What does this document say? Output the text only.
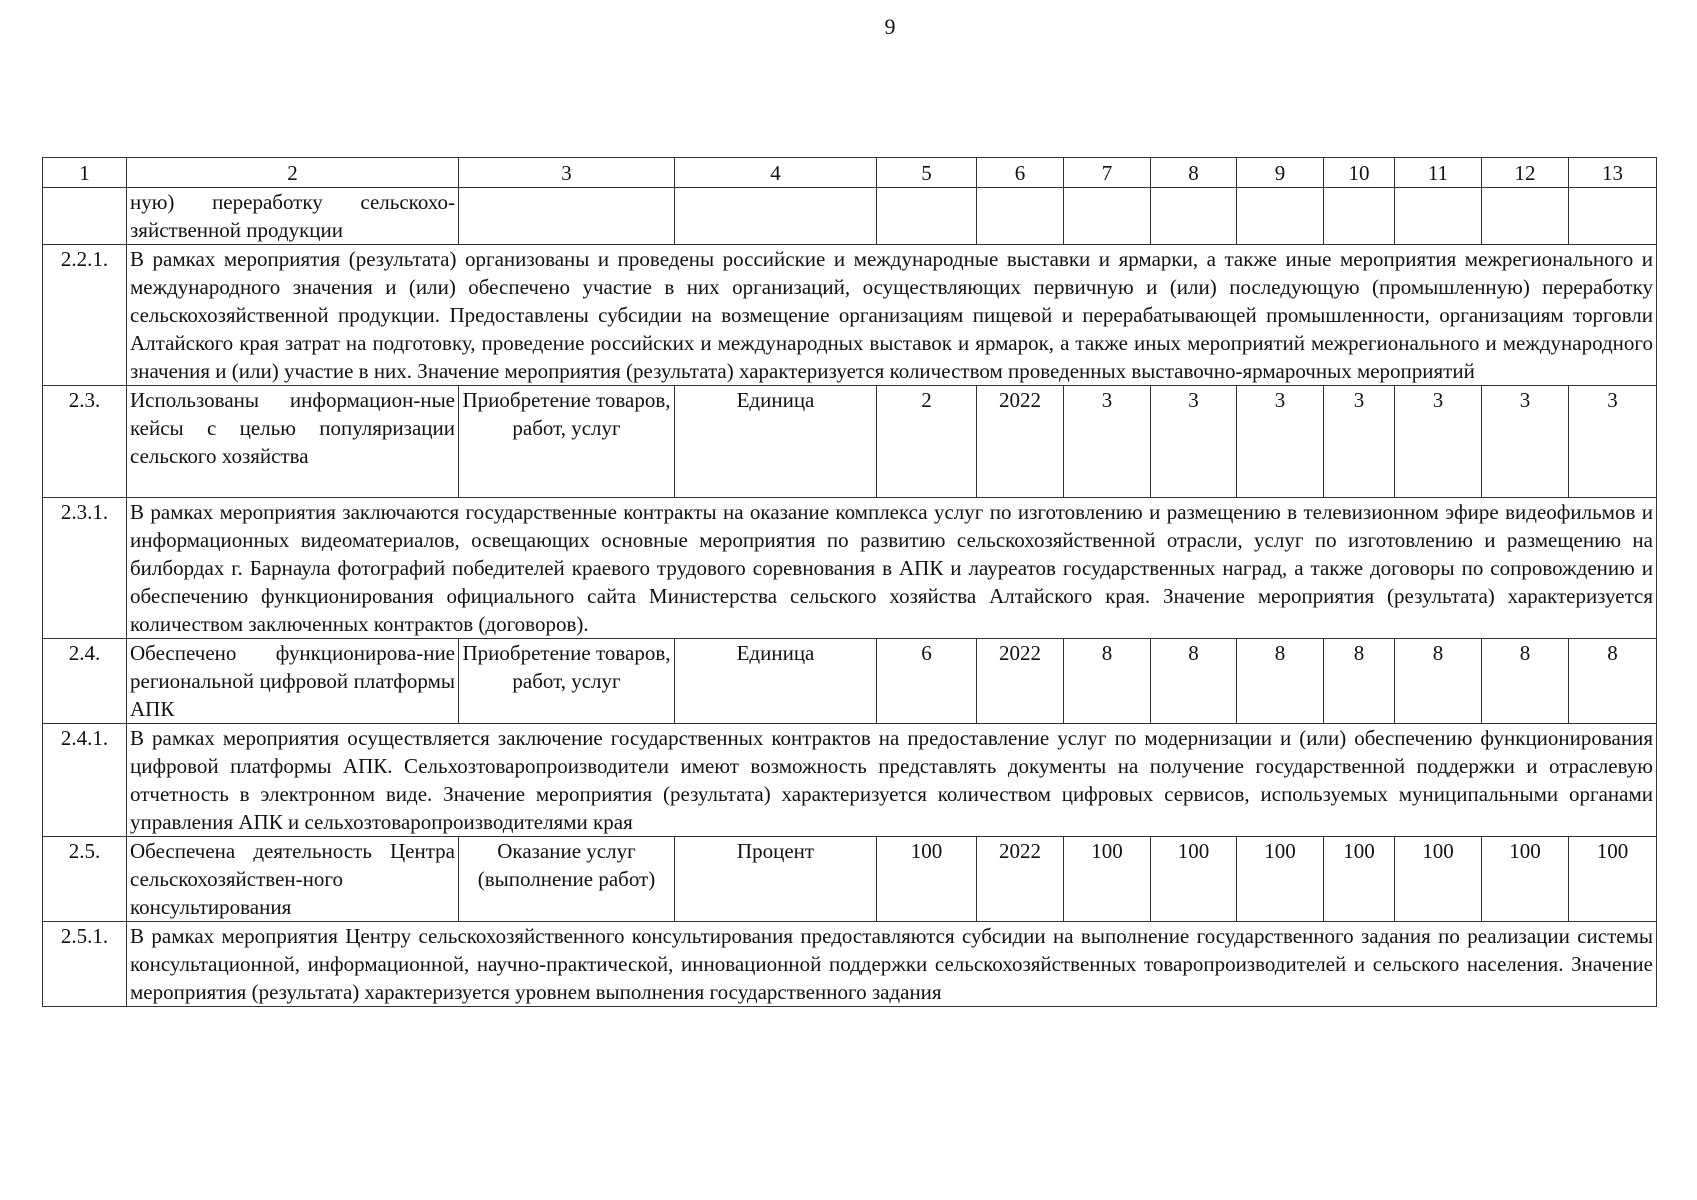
9
1	2	3	4	5	6	7	8	9	10	11	12	13
	ную) переработку сельскохо-зяйственной продукции											
2.2.1.	В рамках мероприятия (результата) организованы и проведены российские и международные выставки и ярмарки, а также иные мероприятия межрегионального и международного значения и (или) обеспечено участие в них организаций, осуществляющих первичную и (или) последующую (промышленную) переработку сельскохозяйственной продукции. Предоставлены субсидии на возмещение организациям пищевой и перерабатывающей промышленности, организациям торговли Алтайского края затрат на подготовку, проведение российских и международных выставок и ярмарок, а также иных мероприятий межрегионального и международного значения и (или) участие в них. Значение мероприятия (результата) характеризуется количеством проведенных выставочно-ярмарочных мероприятий											
2.3.	Использованы информацион-ные кейсы с целью популяризации сельского хозяйства	Приобретение товаров, работ, услуг	Единица	2	2022	3	3	3	3	3	3	3
2.3.1.	В рамках мероприятия заключаются государственные контракты на оказание комплекса услуг по изготовлению и размещению в телевизионном эфире видеофильмов и информационных видеоматериалов, освещающих основные мероприятия по развитию сельскохозяйственной отрасли, услуг по изготовлению и размещению на билбордах г. Барнаула фотографий победителей краевого трудового соревнования в АПК и лауреатов государственных наград, а также договоры по сопровождению и обеспечению функционирования официального сайта Министерства сельского хозяйства Алтайского края. Значение мероприятия (результата) характеризуется количеством заключенных контрактов (договоров).											
2.4.	Обеспечено функционирова-ние региональной цифровой платформы АПК	Приобретение товаров, работ, услуг	Единица	6	2022	8	8	8	8	8	8	8
2.4.1.	В рамках мероприятия осуществляется заключение государственных контрактов на предоставление услуг по модернизации и (или) обеспечению функционирования цифровой платформы АПК. Сельхозтоваропроизводители имеют возможность представлять документы на получение государственной поддержки и отраслевую отчетность в электронном виде. Значение мероприятия (результата) характеризуется количеством цифровых сервисов, используемых муниципальными органами управления АПК и сельхозтоваропроизводителями края											
2.5.	Обеспечена деятельность Центра сельскохозяйствен-ного консультирования	Оказание услуг (выполнение работ)	Процент	100	2022	100	100	100	100	100	100	100
2.5.1.	В рамках мероприятия Центру сельскохозяйственного консультирования предоставляются субсидии на выполнение государственного задания по реализации системы консультационной, информационной, научно-практической, инновационной поддержки сельскохозяйственных товаропроизводителей и сельского населения. Значение мероприятия (результата) характеризуется уровнем выполнения государственного задания											
